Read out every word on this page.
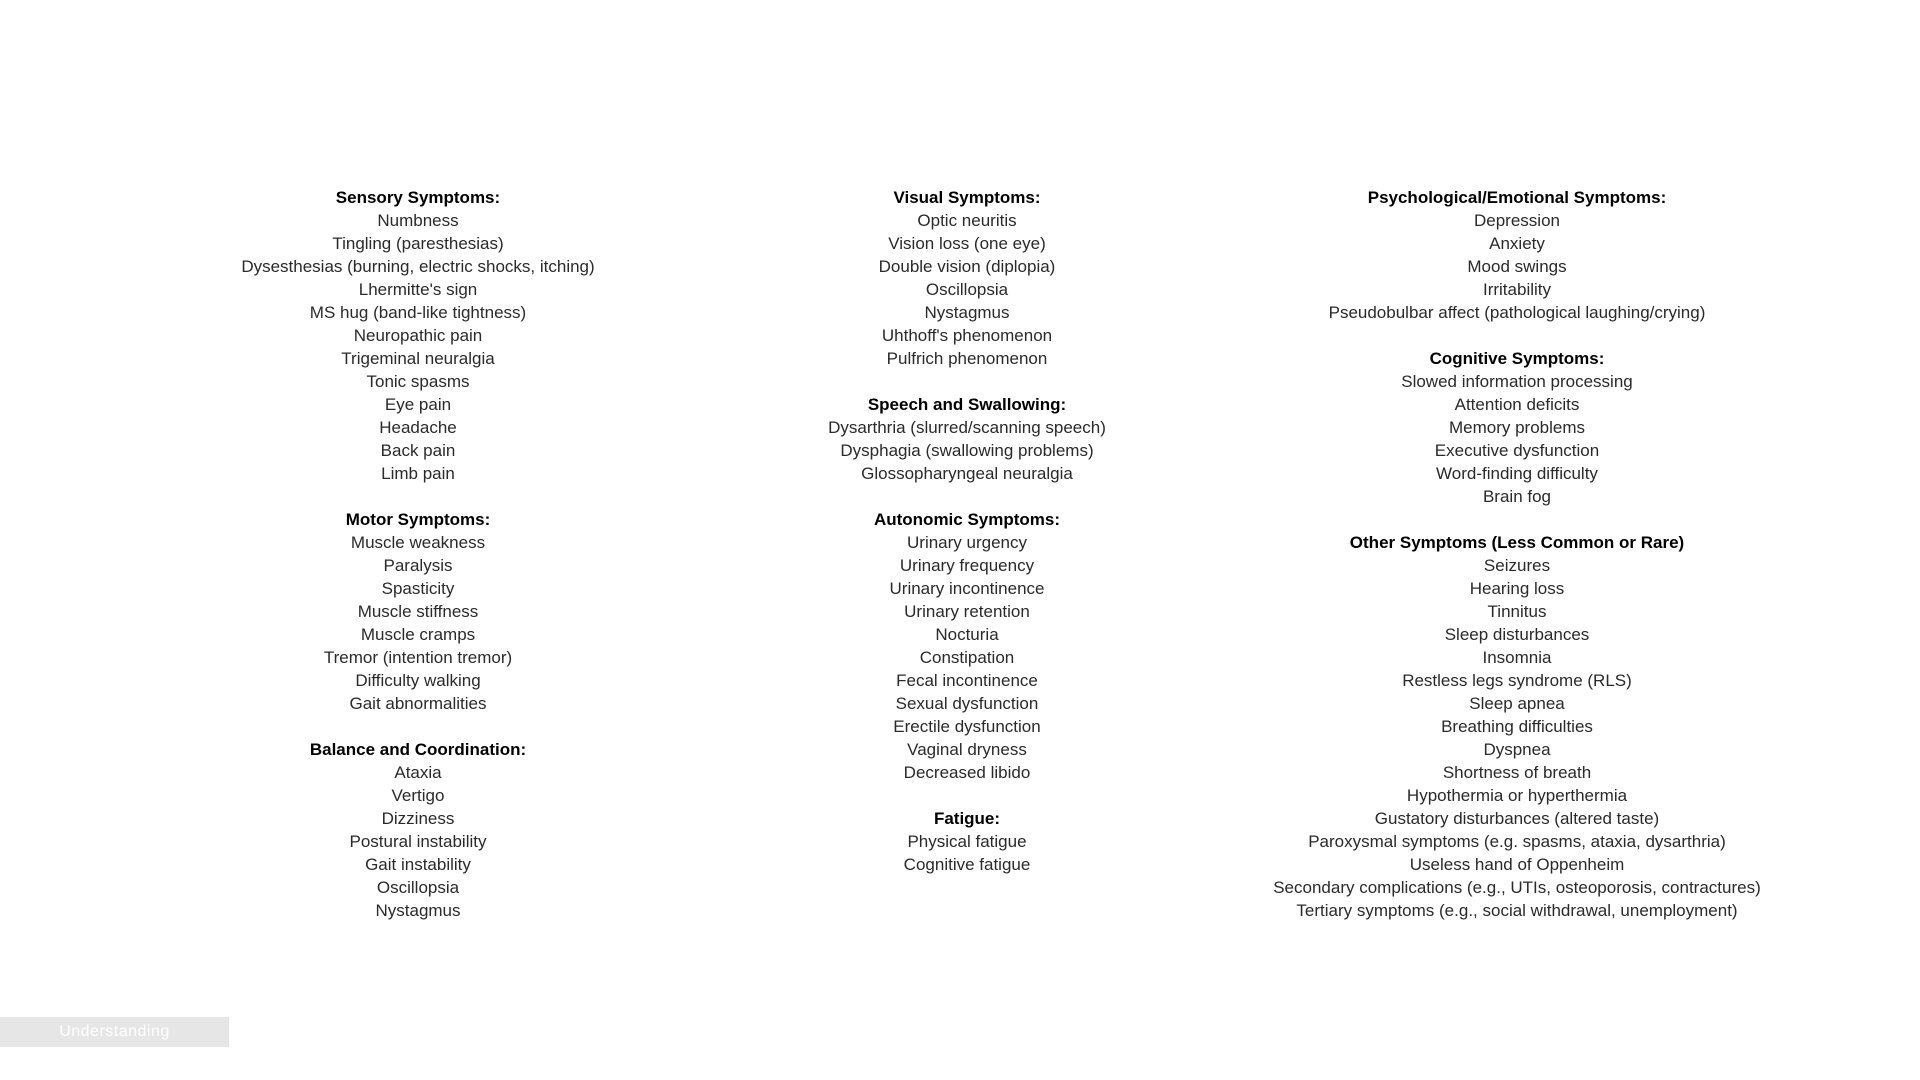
Sensory Symptoms:
Numbness
Tingling (paresthesias)
Dysesthesias (burning, electric shocks, itching)
Lhermitte's sign
MS hug (band-like tightness)
Neuropathic pain
Trigeminal neuralgia
Tonic spasms
Eye pain
Headache
Back pain
Limb pain
Motor Symptoms:
Muscle weakness
Paralysis
Spasticity
Muscle stiffness
Muscle cramps
Tremor (intention tremor)
Difficulty walking
Gait abnormalities
Balance and Coordination:
Ataxia
Vertigo
Dizziness
Postural instability
Gait instability
Oscillopsia
Nystagmus
Visual Symptoms:
Optic neuritis
Vision loss (one eye)
Double vision (diplopia)
Oscillopsia
Nystagmus
Uhthoff's phenomenon
Pulfrich phenomenon
Speech and Swallowing:
Dysarthria (slurred/scanning speech)
Dysphagia (swallowing problems)
Glossopharyngeal neuralgia
Autonomic Symptoms:
Urinary urgency
Urinary frequency
Urinary incontinence
Urinary retention
Nocturia
Constipation
Fecal incontinence
Sexual dysfunction
Erectile dysfunction
Vaginal dryness
Decreased libido
Fatigue:
Physical fatigue
Cognitive fatigue
Psychological/Emotional Symptoms:
Depression
Anxiety
Mood swings
Irritability
Pseudobulbar affect (pathological laughing/crying)
Cognitive Symptoms:
Slowed information processing
Attention deficits
Memory problems
Executive dysfunction
Word-finding difficulty
Brain fog
Other Symptoms (Less Common or Rare)
Seizures
Hearing loss
Tinnitus
Sleep disturbances
Insomnia
Restless legs syndrome (RLS)
Sleep apnea
Breathing difficulties
Dyspnea
Shortness of breath
Hypothermia or hyperthermia
Gustatory disturbances (altered taste)
Paroxysmal symptoms (e.g. spasms, ataxia, dysarthria)
Useless hand of Oppenheim
Secondary complications (e.g., UTIs, osteoporosis, contractures)
Tertiary symptoms (e.g., social withdrawal, unemployment)
Understanding
